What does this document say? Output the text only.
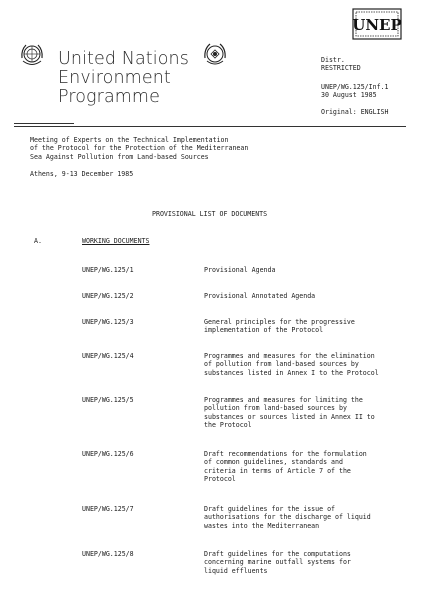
UNEP
United Nations
Environment
Programme
Distr.
RESTRICTED
UNEP/WG.125/Inf.1
30 August 1985
Original: ENGLISH
Meeting of Experts on the Technical Implementation
of the Protocol for the Protection of the Mediterranean
Sea Against Pollution from Land-based Sources
Athens, 9-13 December 1985
PROVISIONAL LIST OF DOCUMENTS
A.	WORKING DOCUMENTS
UNEP/WG.125/1	Provisional Agenda
UNEP/WG.125/2	Provisional Annotated Agenda
UNEP/WG.125/3	General principles for the progressive
implementation of the Protocol
UNEP/WG.125/4	Programmes and measures for the elimination
of pollution from land-based sources by
substances listed in Annex I to the Protocol
UNEP/WG.125/5	Programmes and measures for limiting the
pollution from land-based sources by
substances or sources listed in Annex II to
the Protocol
UNEP/WG.125/6	Draft recommendations for the formulation
of common guidelines, standards and
criteria in terms of Article 7 of the
Protocol
UNEP/WG.125/7	Draft guidelines for the issue of
authorisations for the discharge of liquid
wastes into the Mediterranean
UNEP/WG.125/8	Draft guidelines for the computations
concerning marine outfall systems for
liquid effluents
